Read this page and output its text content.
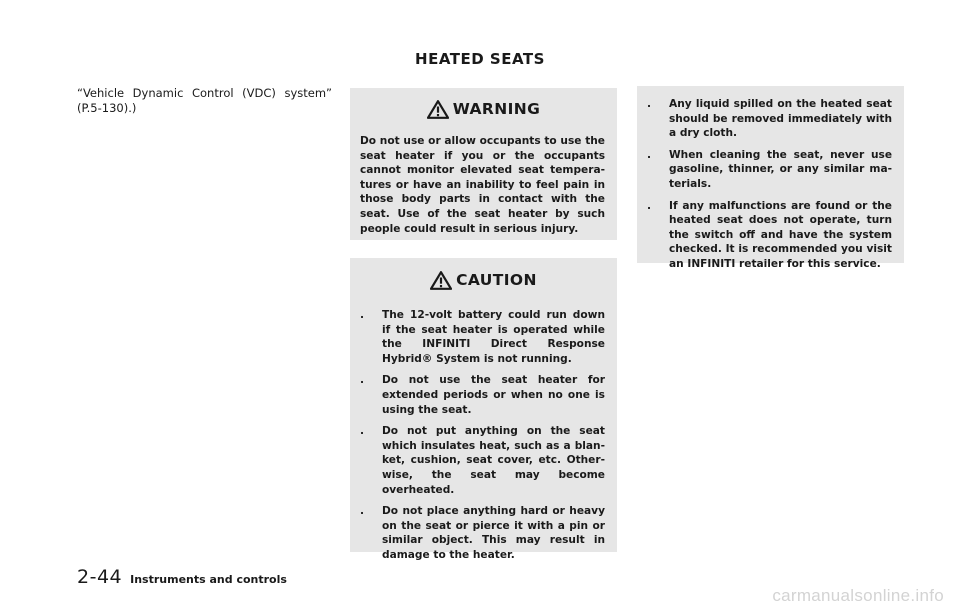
HEATED SEATS
“Vehicle Dynamic Control (VDC) system” (P.5-130).)	WARNING
Do not use or allow occupants to use the seat heater if you or the occupants cannot monitor elevated seat tempera- tures or have an inability to feel pain in those body parts in contact with the seat. Use of the seat heater by such people could result in serious injury.
CAUTION
. The 12-volt battery could run down if the seat heater is operated while the INFINITI Direct Response Hybrid® System is not running.
. Do not use the seat heater for extended periods or when no one is using the seat.
. Do not put anything on the seat which insulates heat, such as a blan- ket, cushion, seat cover, etc. Other- wise, the seat may become overheated.
. Do not place anything hard or heavy on the seat or pierce it with a pin or similar object. This may result in damage to the heater.
. Any liquid spilled on the heated seat should be removed immediately with a dry cloth.
. When cleaning the seat, never use gasoline, thinner, or any similar ma- terials.
. If any malfunctions are found or the heated seat does not operate, turn the switch off and have the system checked. It is recommended you visit an INFINITI retailer for this service.
2-44 Instruments and controls
carmanualsonline.info
